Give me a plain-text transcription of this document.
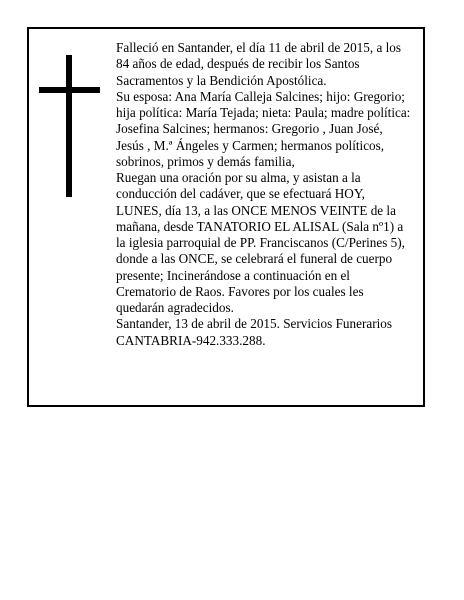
Falleció en Santander, el día 11 de abril de 2015, a los
84 años de edad, después de recibir los Santos
Sacramentos y la Bendición Apostólica.
Su esposa: Ana María Calleja Salcines; hijo: Gregorio;
hija política: María Tejada; nieta: Paula; madre política:
Josefina Salcines; hermanos: Gregorio , Juan José,
Jesús , M.ª Ángeles y Carmen; hermanos políticos,
sobrinos, primos y demás familia,
Ruegan una oración por su alma, y asistan a la
conducción del cadáver, que se efectuará HOY,
LUNES, día 13, a las ONCE MENOS VEINTE de la
mañana, desde TANATORIO EL ALISAL (Sala nº1) a
la iglesia parroquial de PP. Franciscanos (C/Perines 5),
donde a las ONCE, se celebrará el funeral de cuerpo
presente; Incinerándose a continuación en el
Crematorio de Raos. Favores por los cuales les
quedarán agradecidos.
Santander, 13 de abril de 2015. Servicios Funerarios
CANTABRIA-942.333.288.
